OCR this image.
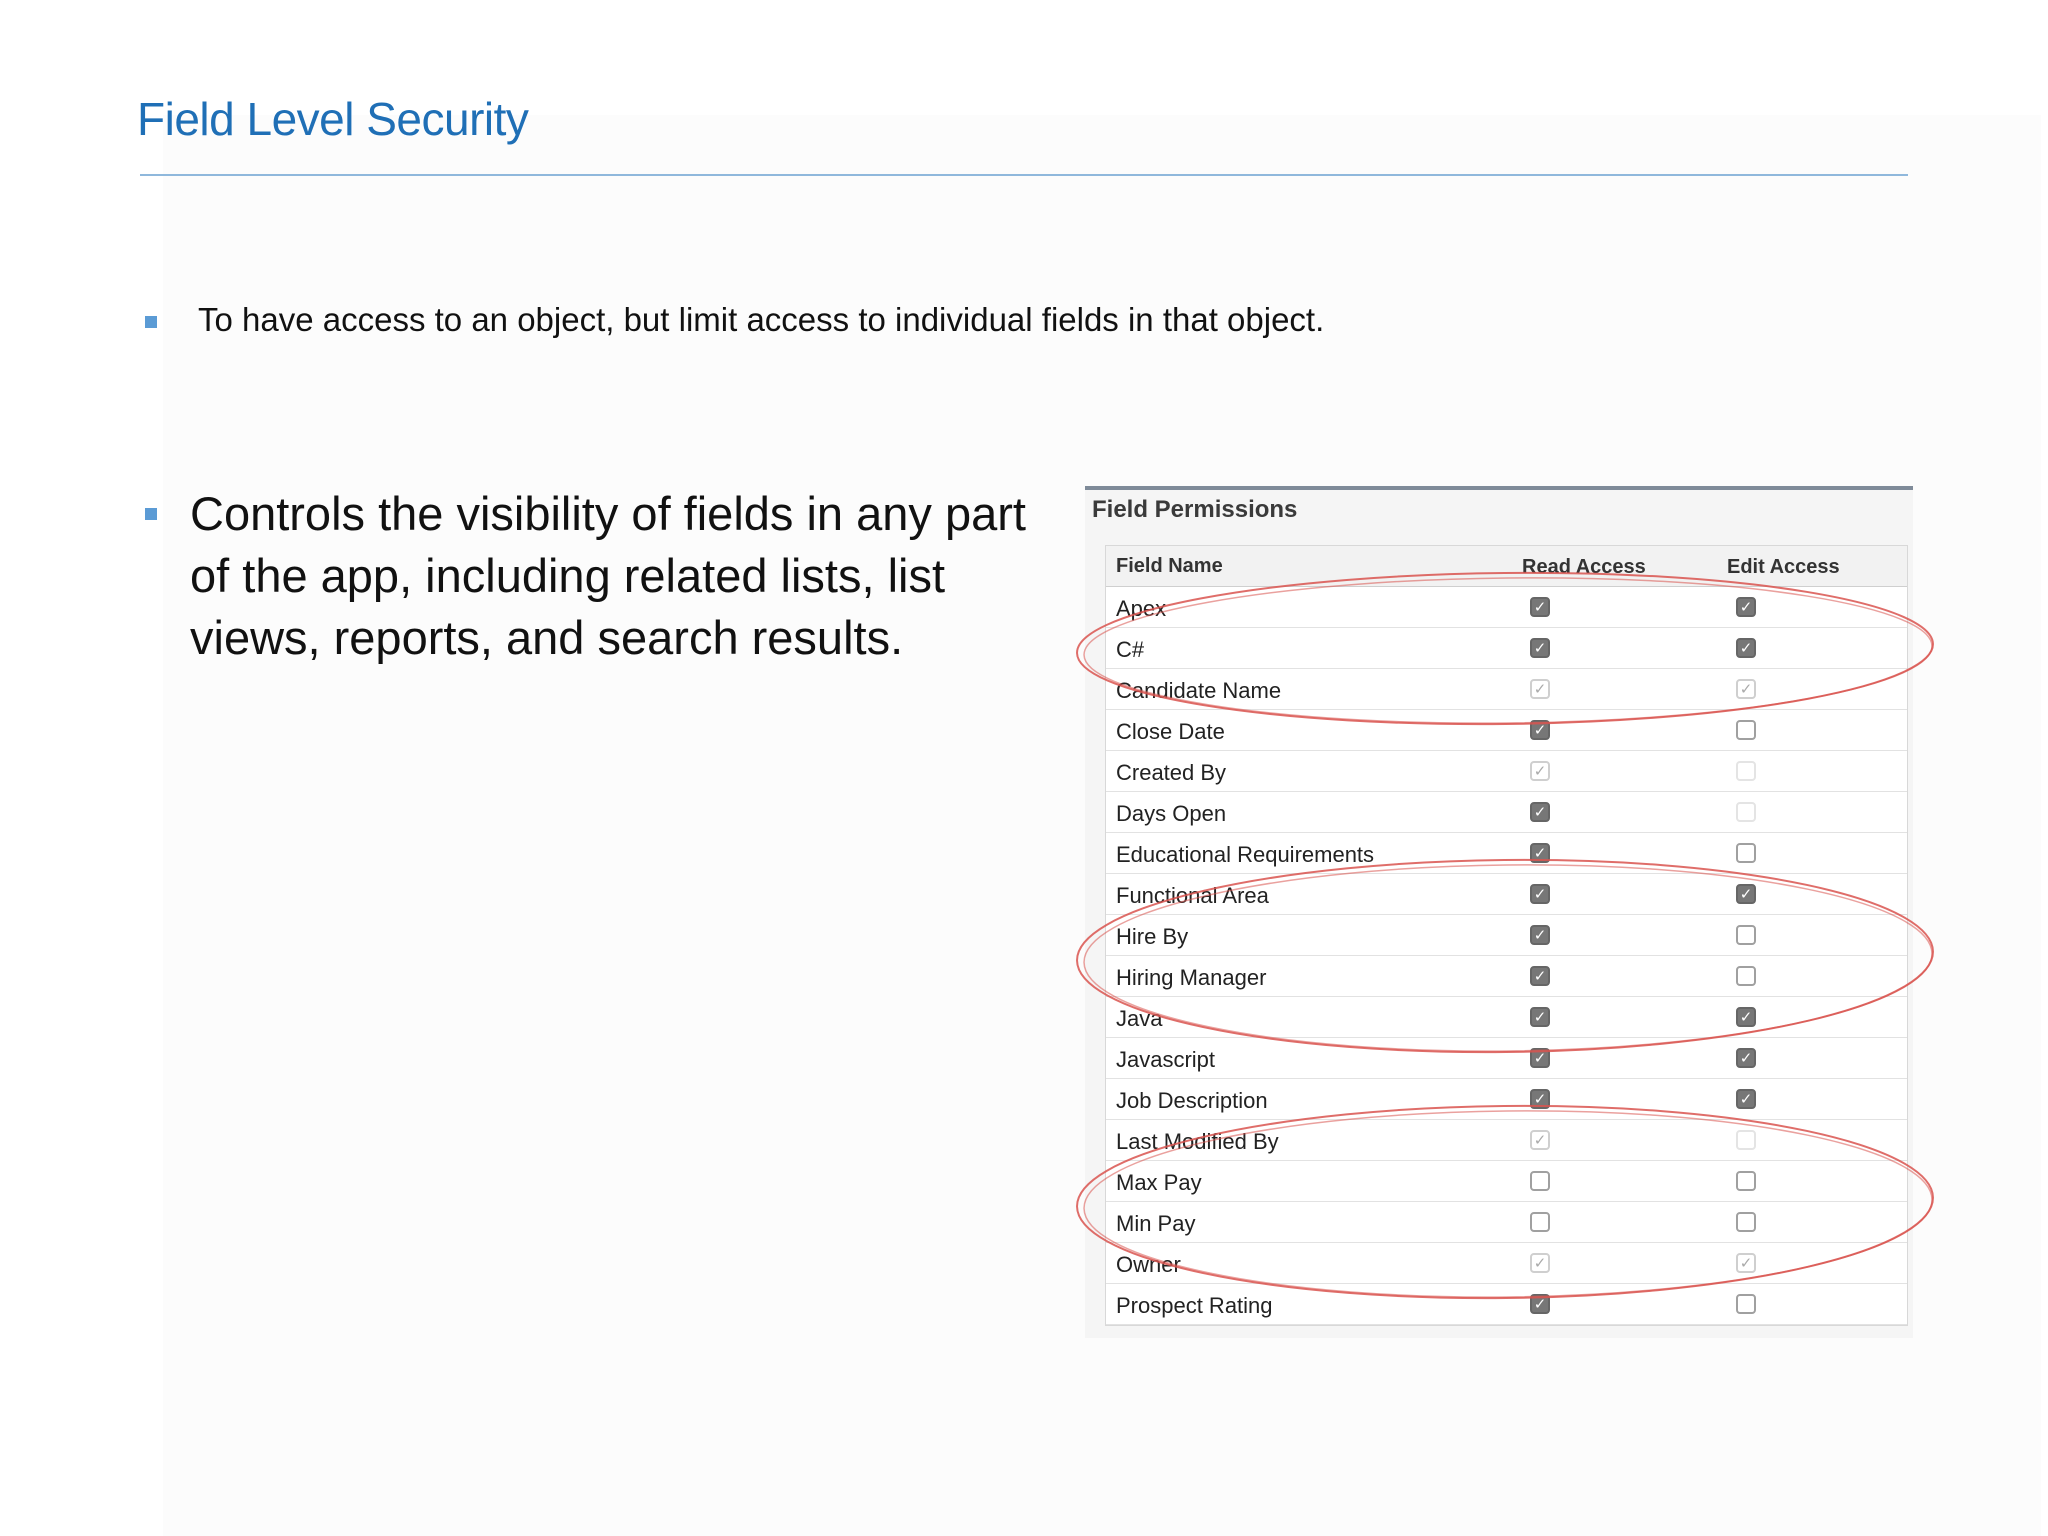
Field Level Security
To have access to an object, but limit access to individual fields in that object.
Controls the visibility of fields in any part of the app, including related lists, list views, reports, and search results.
Field Permissions
Field Name	Read Access	Edit Access
Apex	✓	✓
C#	✓	✓
Candidate Name	✓	✓
Close Date	✓
Created By	✓
Days Open	✓
Educational Requirements	✓
Functional Area	✓	✓
Hire By	✓
Hiring Manager	✓
Java	✓	✓
Javascript	✓	✓
Job Description	✓	✓
Last Modified By	✓
Max Pay
Min Pay
Owner	✓	✓
Prospect Rating	✓
